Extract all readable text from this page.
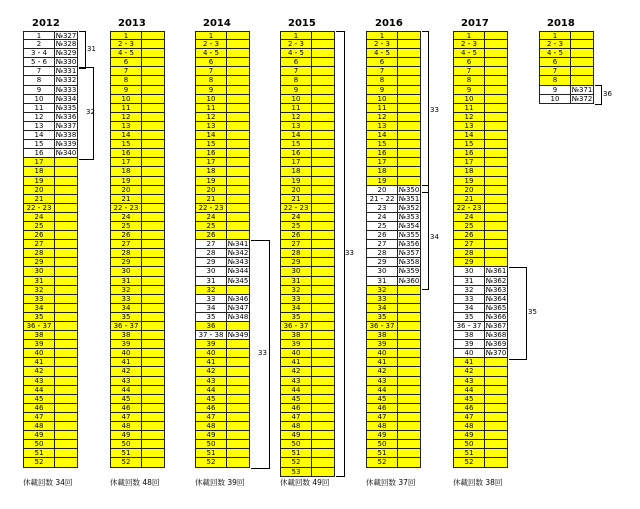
2012	2013	2014	2015	2016	2017	2018
1	№327
2	№328
3・4	№329
5・6	№330
7	№331
8	№332
9	№333
10	№334
11	№335
12	№336
13	№337
14	№338
15	№339
16	№340
17
18
19
20
21
22・23
24
25
26
27
28
29
30
31
32
33
34
35
36・37
38
39
40
41
42
43
44
45
46
47
48
49
50
51
52
1
2・3
4・5
6
7
8
9
10
11
12
13
14
15
16
17
18
19
20
21
22・23
24
25
26
27
28
29
30
31
32
33
34
35
36・37
38
39
40
41
42
43
44
45
46
47
48
49
50
51
52
1
2・3
4・5
6
7
8
9
10
11
12
13
14
15
16
17
18
19
20
21
22・23
24
25
26
27	№341
28	№342
29	№343
30	№344
31	№345
32
33	№346
34	№347
35	№348
36
37・38 №349
39
40
41
42
43
44
45
46
47
48
49
50
51
52
1
2・3
4・5
6
7
8
9
10
11
12
13
14
15
16
17
18
19
20
21
22・23
24
25
26
27
28
29
30
31
32
33
34
35
36・37
38
39
40
41
42
43
44
45
46
47
48
49
50
51
52
53
1
2・3
4・5
6
7
8
9
10
11
12
13
14
15
16
17
18
19
20	№350
21・22 №351
23	№352
24	№353
25	№354
26	№355
27	№356
28	№357
29	№358
30	№359
31	№360
32
33
34
35
36・37
38
39
40
41
42
43
44
45
46
47
48
49
50
51
52
1
2・3
4・5
6
7
8
9
10
11
12
13
14
15
16
17
18
19
20
21
22・23
24
25
26
27
28
29
30	№361
31	№362
32	№363
33	№364
34	№365
35	№366
36・37 №367
38	№368
39	№369
40	№370
41
42
43
44
45
46
47
48
49
50
51
52
1
2・3
4・5
6
7
8
9	№371
10	№372
休載回数 34回	休載回数 48回	休載回数 39回	休載回数 49回	休載回数 37回	休載回数 38回
31
32
33
33
33
34
35
36
